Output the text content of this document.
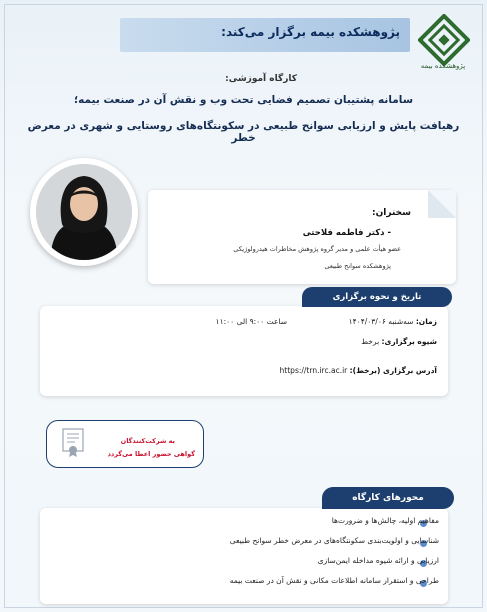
پژوهشکده بیمه برگزار می‌کند:
پژوهشکده بیمه
کارگاه آموزشی:
سامانه پشتیبان تصمیم فضایی تحت وب و نقش آن در صنعت بیمه؛
رهیافت پایش و ارزیابی سوانح طبیعی در سکونتگاه‌های روستایی و شهری در معرض خطر
سخنران:
- دکتر فاطمه فلاحتی
عضو هیأت علمی و مدیر گروه پژوهش مخاطرات هیدرولوژیکی
پژوهشکده سوانح طبیعی
تاریخ و نحوه برگزاری
زمان: سه‌شنبه ۱۴۰۴/۰۳/۰۶
ساعت ۹:۰۰ الی ۱۱:۰۰
شیوه برگزاری: برخط
آدرس برگزاری (برخط): https://trn.irc.ac.ir
به شرکت‌کنندگان
گواهی حضور اعطا می‌گردد
محورهای کارگاه
مفاهیم اولیه، چالش‌ها و ضرورت‌ها
شناسایی و اولویت‌بندی سکونتگاه‌های در معرض خطر سوانح طبیعی
ارزیابی و ارائه شیوه مداخله ایمن‌سازی
طراحی و استقرار سامانه اطلاعات مکانی و نقش آن در صنعت بیمه
